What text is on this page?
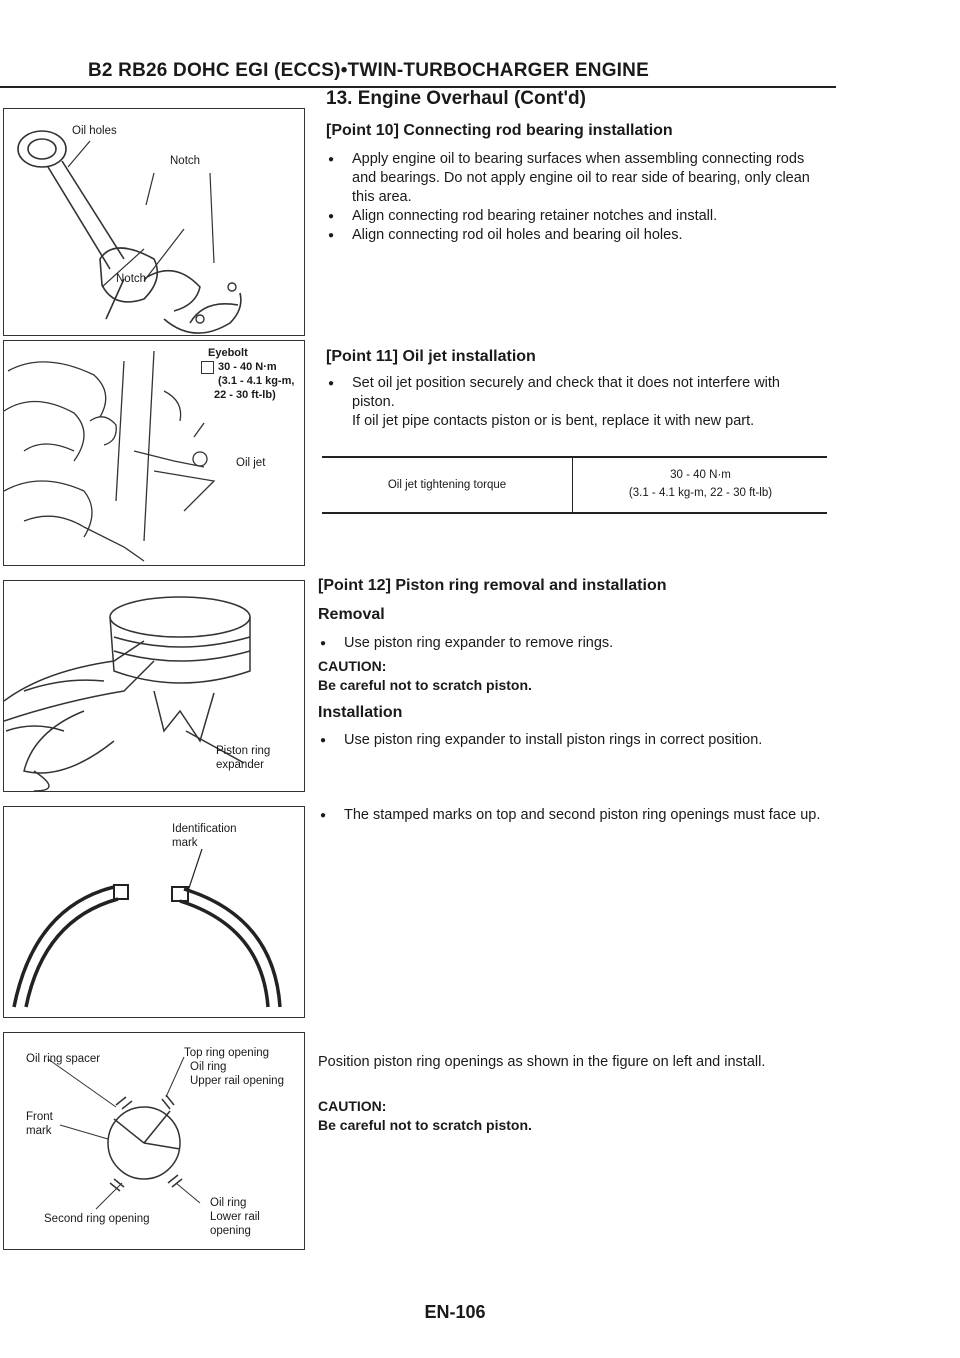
B2 RB26 DOHC EGI (ECCS)•TWIN-TURBOCHARGER ENGINE
13. Engine Overhaul (Cont'd)
[Point 10] Connecting rod bearing installation
● Apply engine oil to bearing surfaces when assembling connecting rods and bearings. Do not apply engine oil to rear side of bearing, only clean this area.
● Align connecting rod bearing retainer notches and install.
● Align connecting rod oil holes and bearing oil holes.
[Point 11] Oil jet installation
● Set oil jet position securely and check that it does not interfere with piston.
If oil jet pipe contacts piston or is bent, replace it with new part.
Oil jet tightening torque
30 - 40 N·m
(3.1 - 4.1 kg-m, 22 - 30 ft-lb)
[Point 12] Piston ring removal and installation
Removal
● Use piston ring expander to remove rings.
CAUTION:
Be careful not to scratch piston.
Installation
● Use piston ring expander to install piston rings in correct position.
● The stamped marks on top and second piston ring openings must face up.
Position piston ring openings as shown in the figure on left and install.
CAUTION:
Be careful not to scratch piston.
Oil holes
Notch
Notch
Eyebolt
30 - 40 N·m
(3.1 - 4.1 kg-m,
22 - 30 ft-lb)
Oil jet
Piston ring
expander
Identification
mark
Oil ring spacer	Top ring opening
Oil ring
Upper rail opening
Front
mark
Second ring opening
Oil ring
Lower rail
opening
EN-106
